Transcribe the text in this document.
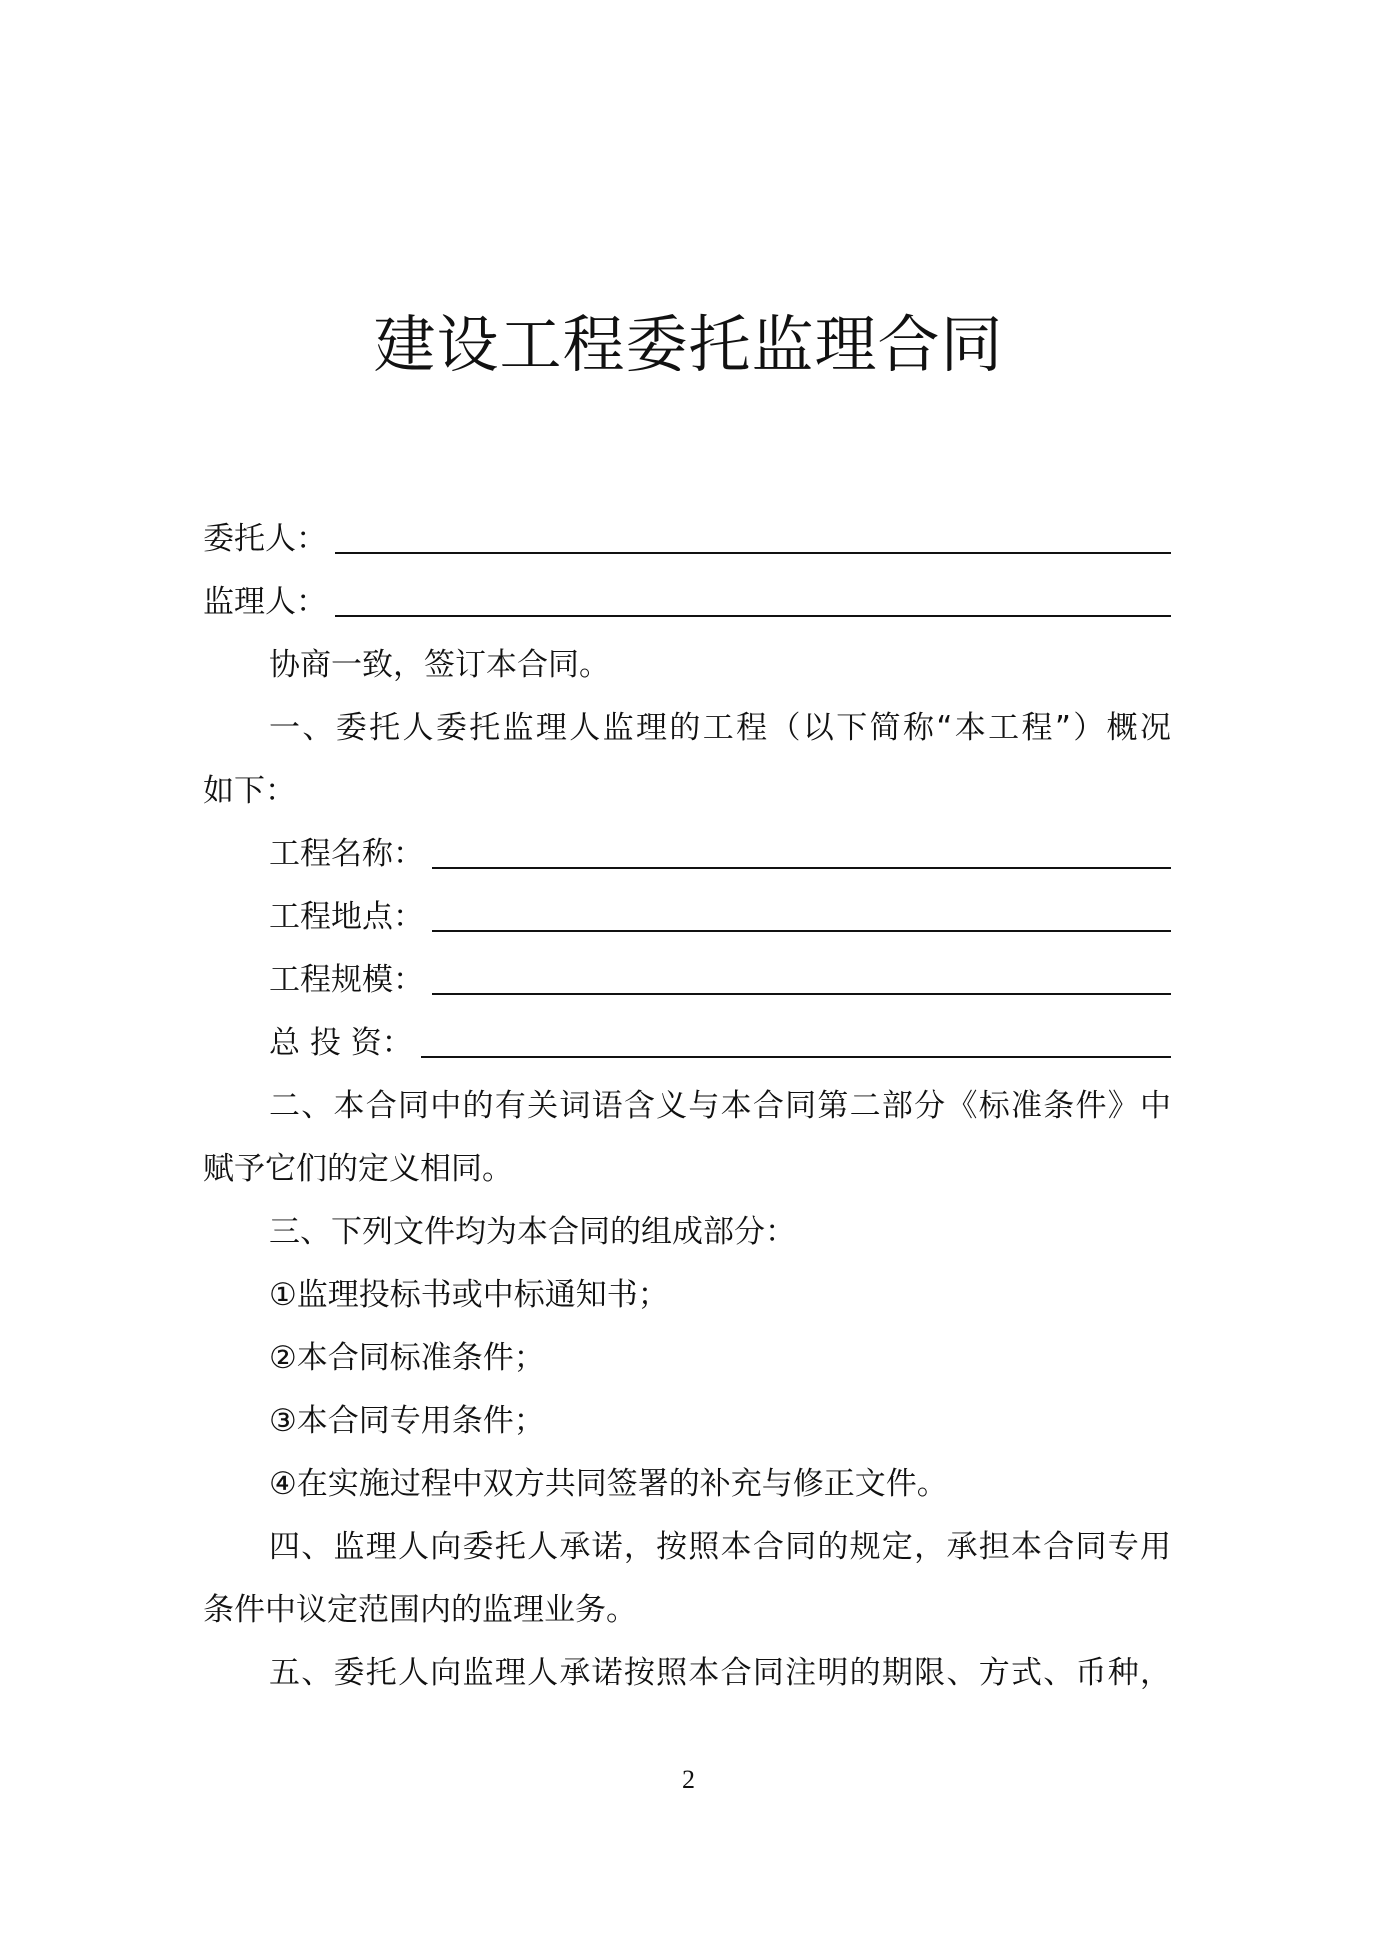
建设工程委托监理合同
委托人：
监理人：
协商一致，签订本合同。
一、委托人委托监理人监理的工程（以下简称“本工程”）概况
如下：
工程名称：
工程地点：
工程规模：
总 投 资：
二、本合同中的有关词语含义与本合同第二部分《标准条件》中
赋予它们的定义相同。
三、下列文件均为本合同的组成部分：
①监理投标书或中标通知书；
②本合同标准条件；
③本合同专用条件；
④在实施过程中双方共同签署的补充与修正文件。
四、监理人向委托人承诺，按照本合同的规定，承担本合同专用
条件中议定范围内的监理业务。
五、委托人向监理人承诺按照本合同注明的期限、方式、币种，
2
